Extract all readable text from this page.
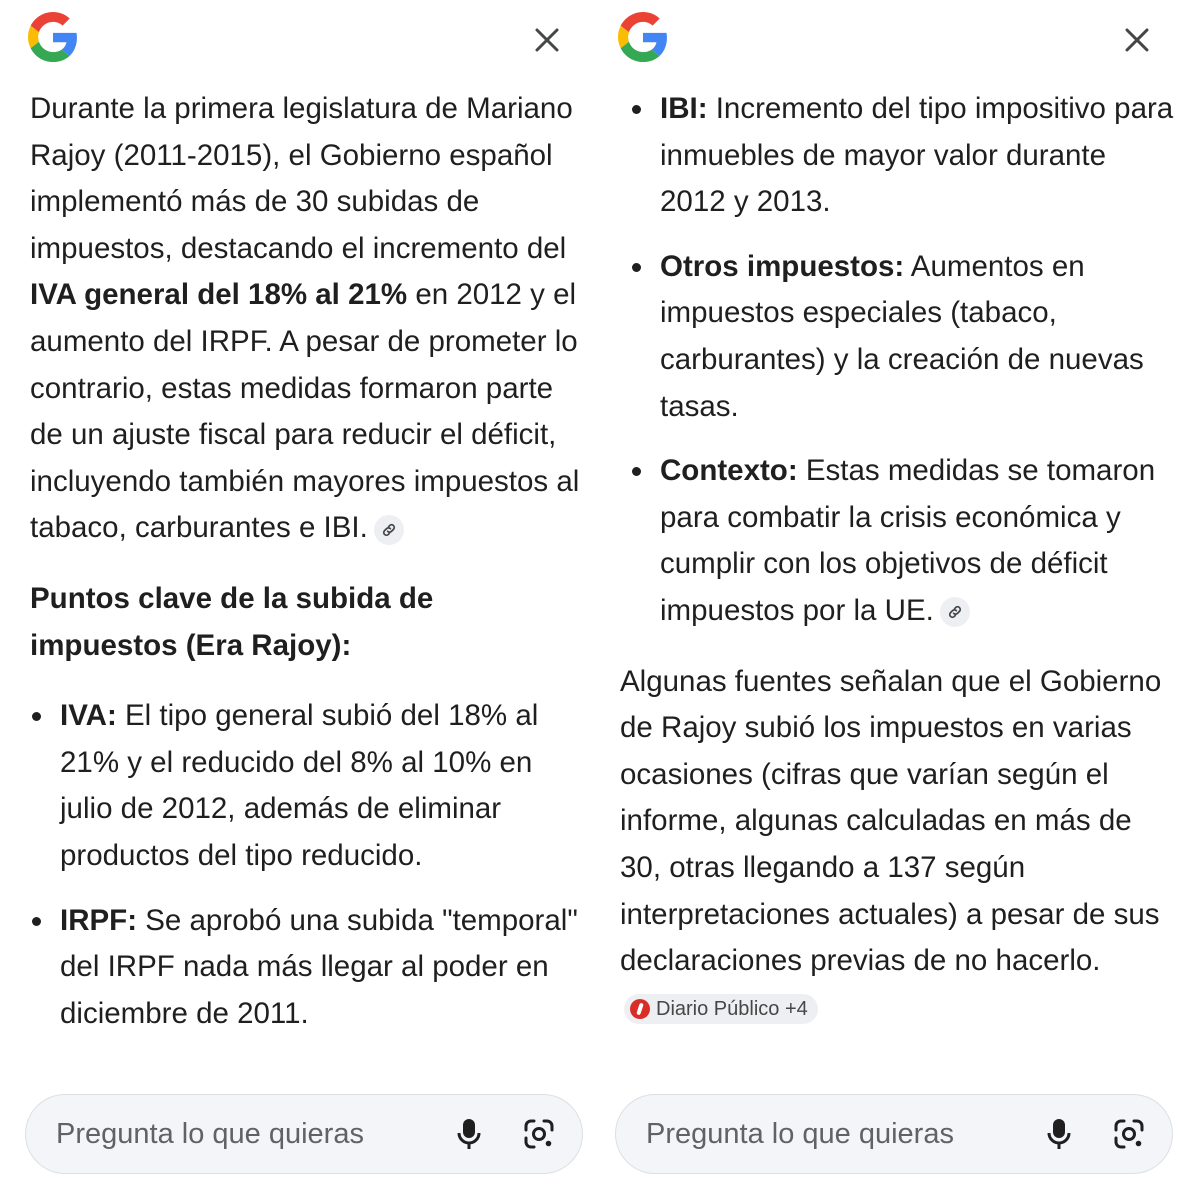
Durante la primera legislatura de Mariano Rajoy (2011-2015), el Gobierno español implementó más de 30 subidas de impuestos, destacando el incremento del IVA general del 18% al 21% en 2012 y el aumento del IRPF. A pesar de prometer lo contrario, estas medidas formaron parte de un ajuste fiscal para reducir el déficit, incluyendo también mayores impuestos al tabaco, carburantes e IBI.

Puntos clave de la subida de impuestos (Era Rajoy):

IVA: El tipo general subió del 18% al 21% y el reducido del 8% al 10% en julio de 2012, además de eliminar productos del tipo reducido.
IRPF: Se aprobó una subida "temporal" del IRPF nada más llegar al poder en diciembre de 2011.
Pregunta lo que quieras
IBI: Incremento del tipo impositivo para inmuebles de mayor valor durante 2012 y 2013.
Otros impuestos: Aumentos en impuestos especiales (tabaco, carburantes) y la creación de nuevas tasas.
Contexto: Estas medidas se tomaron para combatir la crisis económica y cumplir con los objetivos de déficit impuestos por la UE.

Algunas fuentes señalan que el Gobierno de Rajoy subió los impuestos en varias ocasiones (cifras que varían según el informe, algunas calculadas en más de 30, otras llegando a 137 según interpretaciones actuales) a pesar de sus declaraciones previas de no hacerlo.
Diario Público +4

Pregunta lo que quieras
